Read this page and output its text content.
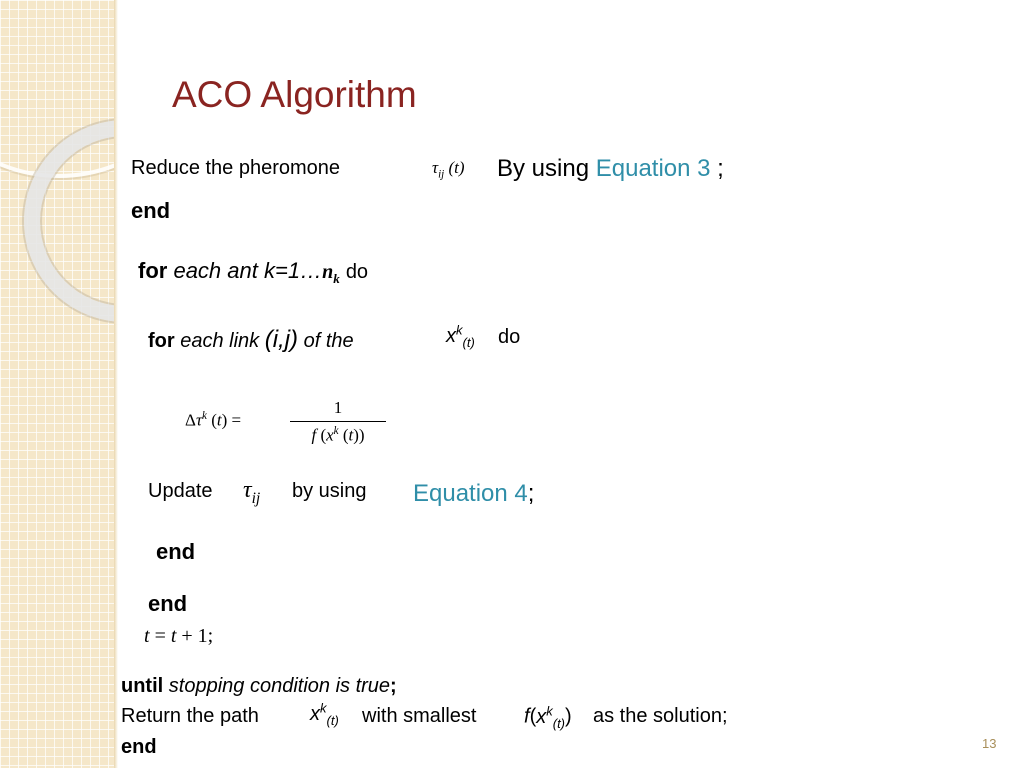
ACO Algorithm
Reduce the pheromone	$\tau_{ij}$ (t) By using Equation 3 ;
end
for each ant $k=1\dots n_k$ do
for each link (i,j) of the	$x^k_{(t)}$ do
$\Delta\tau^k$ (t) =
1
f ($x^k$ (t))
Update $\tau_{ij}$ by using Equation 4;
end
end
t = t + 1;
until stopping condition is true;
Return the path	$x^k_{(t)}$ with smallest $f(x^k_{(t)})$ as the solution;
end	13
